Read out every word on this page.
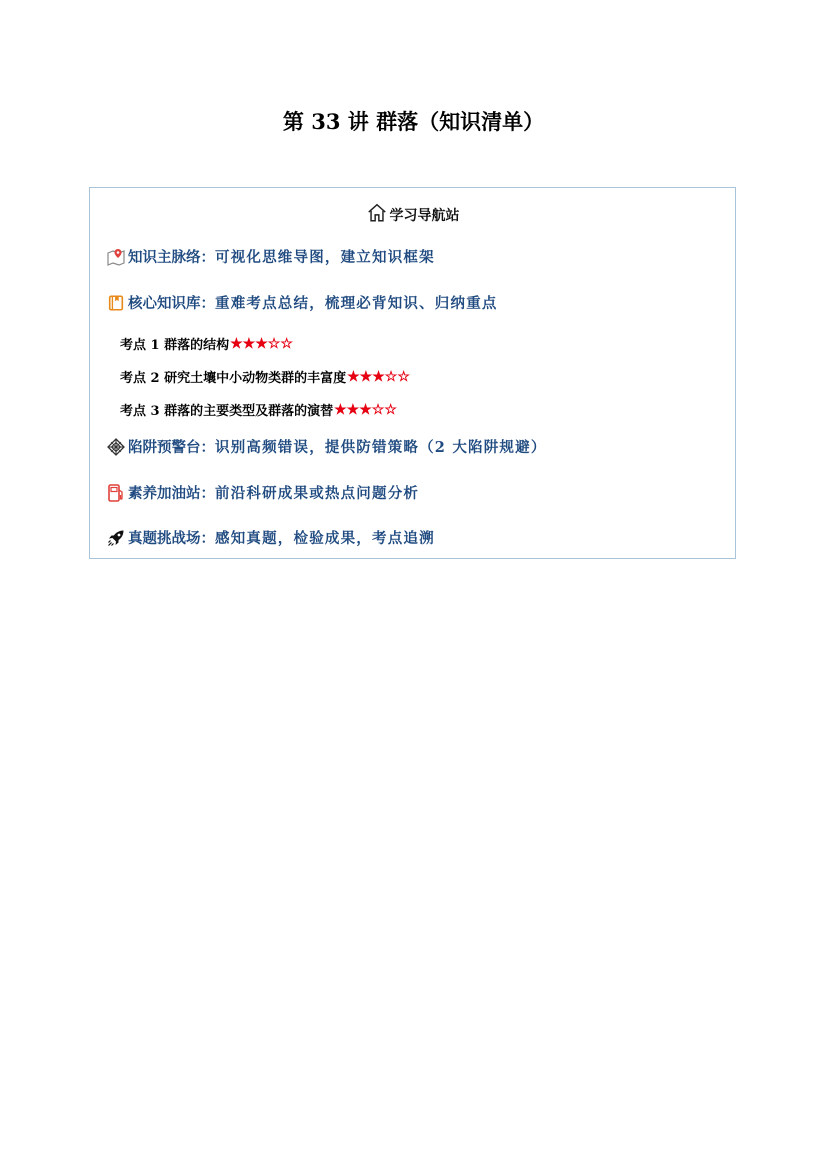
第 33 讲 群落（知识清单）
学习导航站
知识主脉络： 可视化思维导图，建立知识框架
核心知识库： 重难考点总结，梳理必背知识、归纳重点
考点 1 群落的结构 ★★★☆☆
考点 2 研究土壤中小动物类群的丰富度 ★★★☆☆
考点 3 群落的主要类型及群落的演替 ★★★☆☆
陷阱预警台： 识别高频错误，提供防错策略（2 大陷阱规避）
素养加油站： 前沿科研成果或热点问题分析
真题挑战场： 感知真题，检验成果，考点追溯
